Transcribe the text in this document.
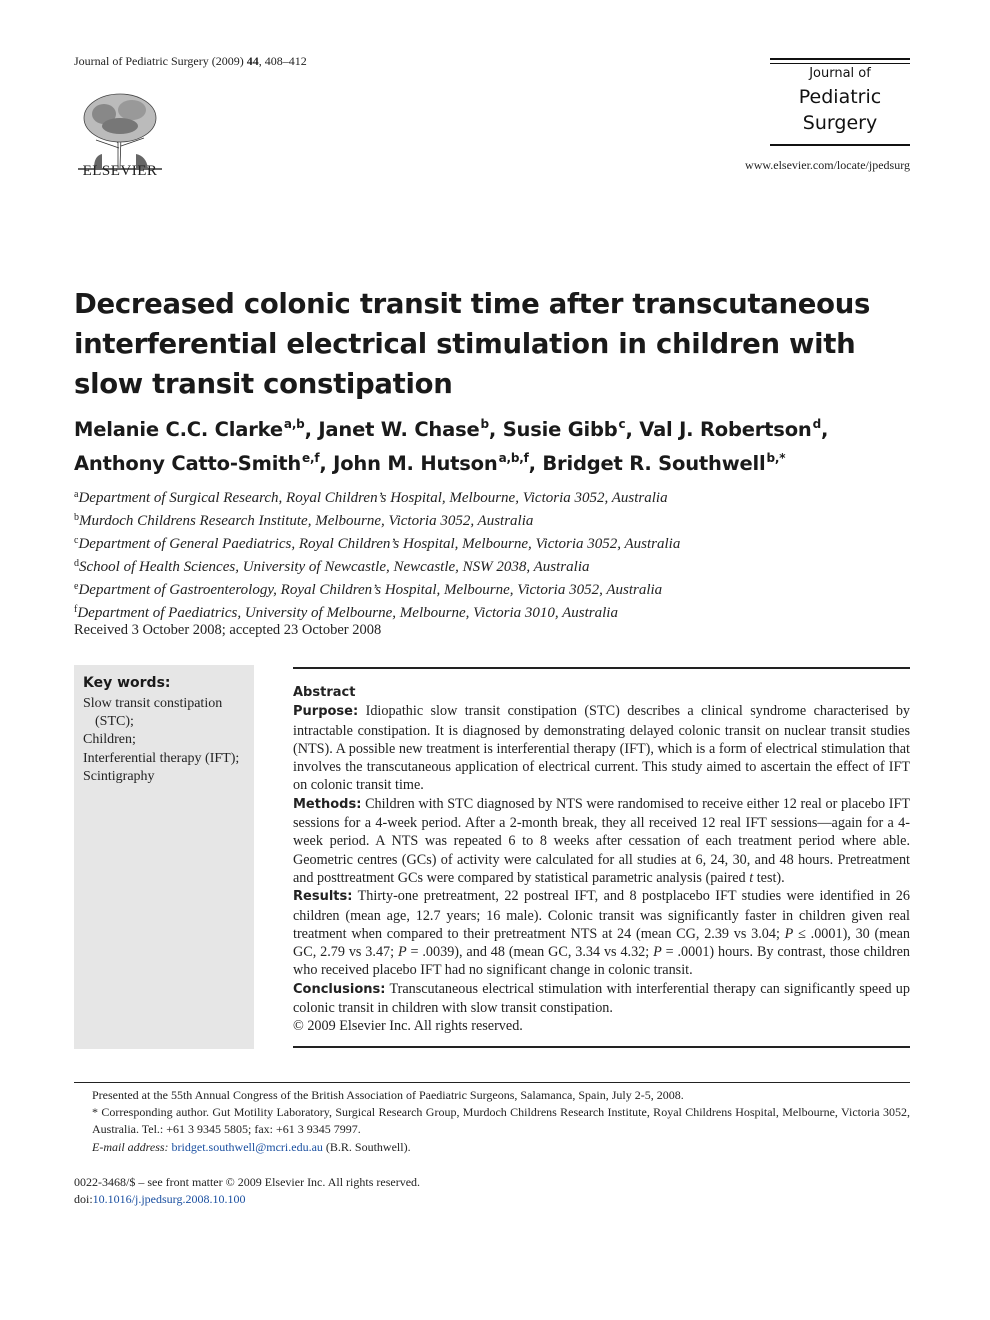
Journal of Pediatric Surgery (2009) 44, 408–412
ELSEVIER
Journal of
Pediatric
Surgery
www.elsevier.com/locate/jpedsurg
Decreased colonic transit time after transcutaneous interferential electrical stimulation in children with slow transit constipation
Melanie C.C. Clarke$^{a,b}$, Janet W. Chase$^b$, Susie Gibb$^c$, Val J. Robertson$^d$,
Anthony Catto-Smith$^{e,f}$, John M. Hutson$^{a,b,f}$, Bridget R. Southwell$^{b,*}$
$^a$Department of Surgical Research, Royal Children’s Hospital, Melbourne, Victoria 3052, Australia
$^b$Murdoch Childrens Research Institute, Melbourne, Victoria 3052, Australia
$^c$Department of General Paediatrics, Royal Children’s Hospital, Melbourne, Victoria 3052, Australia
$^d$School of Health Sciences, University of Newcastle, Newcastle, NSW 2038, Australia
$^e$Department of Gastroenterology, Royal Children’s Hospital, Melbourne, Victoria 3052, Australia
$^f$Department of Paediatrics, University of Melbourne, Melbourne, Victoria 3010, Australia
Received 3 October 2008; accepted 23 October 2008
Key words:
Slow transit constipation (STC);
Children;
Interferential therapy (IFT);
Scintigraphy
Abstract

Purpose: Idiopathic slow transit constipation (STC) describes a clinical syndrome characterised by intractable constipation. It is diagnosed by demonstrating delayed colonic transit on nuclear transit studies (NTS). A possible new treatment is interferential therapy (IFT), which is a form of electrical stimulation that involves the transcutaneous application of electrical current. This study aimed to ascertain the effect of IFT on colonic transit time.

Methods: Children with STC diagnosed by NTS were randomised to receive either 12 real or placebo IFT sessions for a 4-week period. After a 2-month break, they all received 12 real IFT sessions—again for a 4-week period. A NTS was repeated 6 to 8 weeks after cessation of each treatment period where able. Geometric centres (GCs) of activity were calculated for all studies at 6, 24, 30, and 48 hours. Pretreatment and posttreatment GCs were compared by statistical parametric analysis (paired t test).

Results: Thirty-one pretreatment, 22 postreal IFT, and 8 postplacebo IFT studies were identified in 26 children (mean age, 12.7 years; 16 male). Colonic transit was significantly faster in children given real treatment when compared to their pretreatment NTS at 24 (mean CG, 2.39 vs 3.04; P ≤ .0001), 30 (mean GC, 2.79 vs 3.47; P = .0039), and 48 (mean GC, 3.34 vs 4.32; P = .0001) hours. By contrast, those children who received placebo IFT had no significant change in colonic transit.

Conclusions: Transcutaneous electrical stimulation with interferential therapy can significantly speed up colonic transit in children with slow transit constipation.

© 2009 Elsevier Inc. All rights reserved.

Presented at the 55th Annual Congress of the British Association of Paediatric Surgeons, Salamanca, Spain, July 2-5, 2008.

* Corresponding author. Gut Motility Laboratory, Surgical Research Group, Murdoch Childrens Research Institute, Royal Childrens Hospital, Melbourne, Victoria 3052, Australia. Tel.: +61 3 9345 5805; fax: +61 3 9345 7997.

E-mail address: bridget.southwell@mcri.edu.au (B.R. Southwell).

0022-3468/$ – see front matter © 2009 Elsevier Inc. All rights reserved.
doi:10.1016/j.jpedsurg.2008.10.100
